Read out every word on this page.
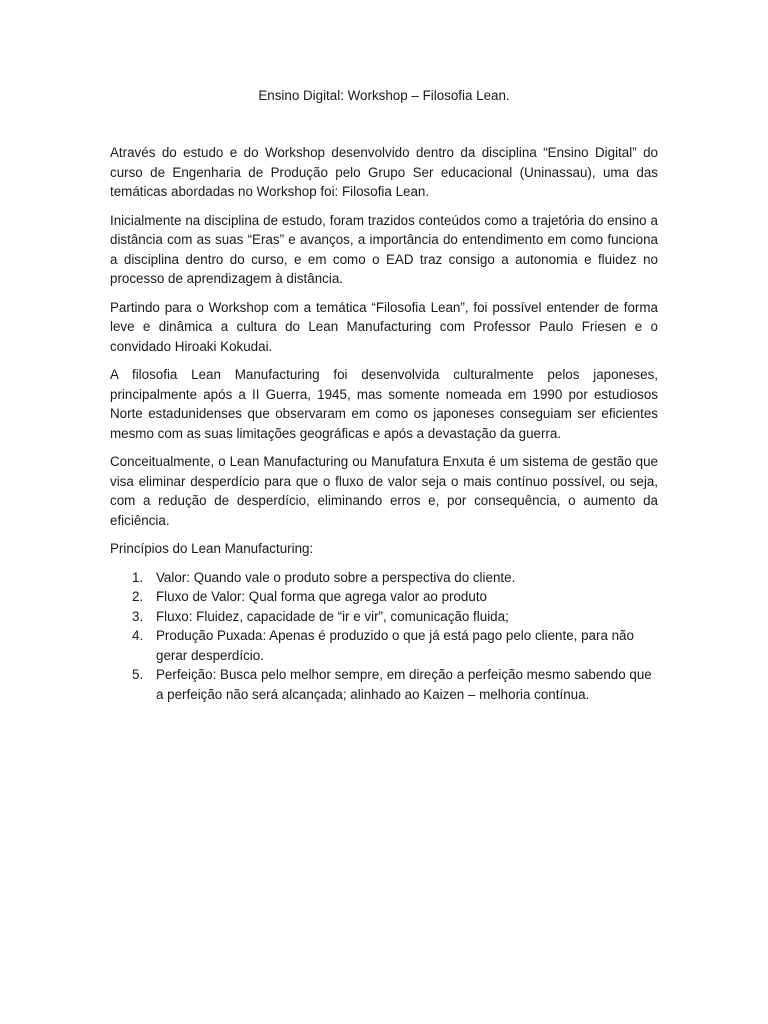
Ensino Digital: Workshop – Filosofia Lean.

Através do estudo e do Workshop desenvolvido dentro da disciplina “Ensino Digital” do curso de Engenharia de Produção pelo Grupo Ser educacional (Uninassau), uma das temáticas abordadas no Workshop foi: Filosofia Lean.

Inicialmente na disciplina de estudo, foram trazidos conteúdos como a trajetória do ensino a distância com as suas “Eras” e avanços, a importância do entendimento em como funciona a disciplina dentro do curso, e em como o EAD traz consigo a autonomia e fluidez no processo de aprendizagem à distância.

Partindo para o Workshop com a temática “Filosofia Lean”, foi possível entender de forma leve e dinâmica a cultura do Lean Manufacturing com Professor Paulo Friesen e o convidado Hiroaki Kokudai.

A filosofia Lean Manufacturing foi desenvolvida culturalmente pelos japoneses, principalmente após a II Guerra, 1945, mas somente nomeada em 1990 por estudiosos Norte estadunidenses que observaram em como os japoneses conseguiam ser eficientes mesmo com as suas limitações geográficas e após a devastação da guerra.

Conceitualmente, o Lean Manufacturing ou Manufatura Enxuta é um sistema de gestão que visa eliminar desperdício para que o fluxo de valor seja o mais contínuo possível, ou seja, com a redução de desperdício, eliminando erros e, por consequência, o aumento da eficiência.

Princípios do Lean Manufacturing:

1. Valor: Quando vale o produto sobre a perspectiva do cliente.
2. Fluxo de Valor: Qual forma que agrega valor ao produto
3. Fluxo: Fluidez, capacidade de “ir e vir”, comunicação fluida;
4. Produção Puxada: Apenas é produzido o que já está pago pelo cliente, para não gerar desperdício.
5. Perfeição: Busca pelo melhor sempre, em direção a perfeição mesmo sabendo que a perfeição não será alcançada; alinhado ao Kaizen – melhoria contínua.
